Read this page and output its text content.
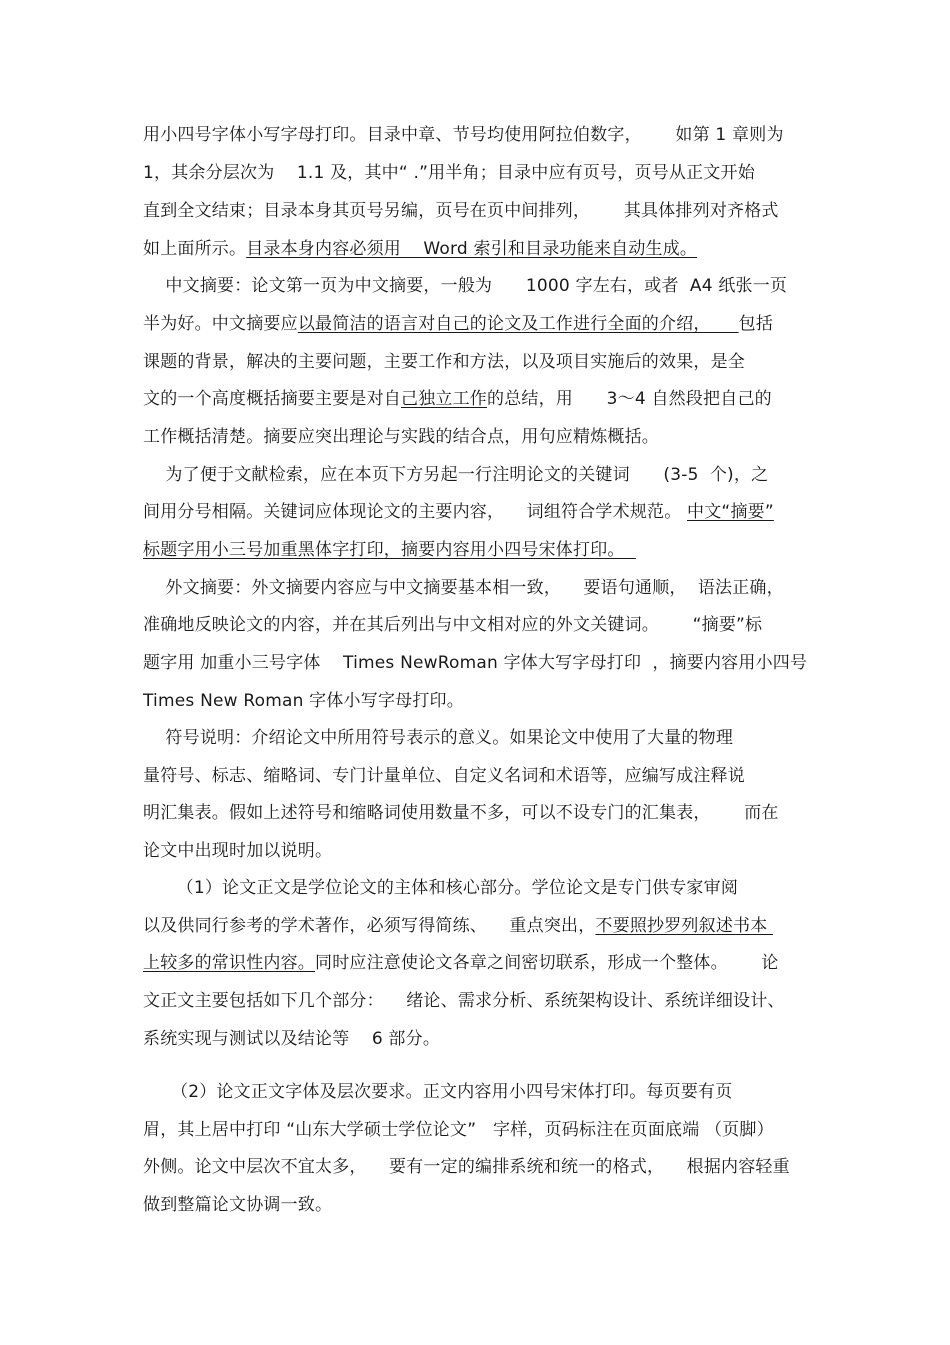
用小四号字体小写字母打印。目录中章、节号均使用阿拉伯数字，      如第 1 章则为
1，其余分层次为    1.1 及，其中“ .”用半角；目录中应有页号，页号从正文开始
直到全文结束；目录本身其页号另编，页号在页中间排列，      其具体排列对齐格式
如上面所示。目录本身内容必须用    Word 索引和目录功能来自动生成。
中文摘要：论文第一页为中文摘要，一般为      1000 字左右，或者  A4 纸张一页
半为好。中文摘要应以最简洁的语言对自己的论文及工作进行全面的介绍，     包括
课题的背景，解决的主要问题，主要工作和方法，以及项目实施后的效果，是全
文的一个高度概括摘要主要是对自己独立工作的总结，用      3～4 自然段把自己的
工作概括清楚。摘要应突出理论与实践的结合点，用句应精炼概括。
为了便于文献检索，应在本页下方另起一行注明论文的关键词      (3-5  个)，之
间用分号相隔。关键词应体现论文的主要内容，    词组符合学术规范。 中文“摘要”
标题字用小三号加重黑体字打印，摘要内容用小四号宋体打印。
外文摘要：外文摘要内容应与中文摘要基本相一致，    要语句通顺，  语法正确，
准确地反映论文的内容，并在其后列出与中文相对应的外文关键词。      “摘要”标
题字用 加重小三号字体    Times NewRoman 字体大写字母打印  ，摘要内容用小四号
Times New Roman 字体小写字母打印。
符号说明：介绍论文中所用符号表示的意义。如果论文中使用了大量的物理
量符号、标志、缩略词、专门计量单位、自定义名词和术语等，应编写成注释说
明汇集表。假如上述符号和缩略词使用数量不多，可以不设专门的汇集表，      而在
论文中出现时加以说明。
（1）论文正文是学位论文的主体和核心部分。学位论文是专门供专家审阅
以及供同行参考的学术著作，必须写得简练、    重点突出，不要照抄罗列叙述书本
上较多的常识性内容。同时应注意使论文各章之间密切联系，形成一个整体。      论
文正文主要包括如下几个部分：    绪论、需求分析、系统架构设计、系统详细设计、
系统实现与测试以及结论等    6 部分。
（2）论文正文字体及层次要求。正文内容用小四号宋体打印。每页要有页
眉，其上居中打印 “山东大学硕士学位论文”   字样，页码标注在页面底端 （页脚）
外侧。论文中层次不宜太多，    要有一定的编排系统和统一的格式，    根据内容轻重
做到整篇论文协调一致。
